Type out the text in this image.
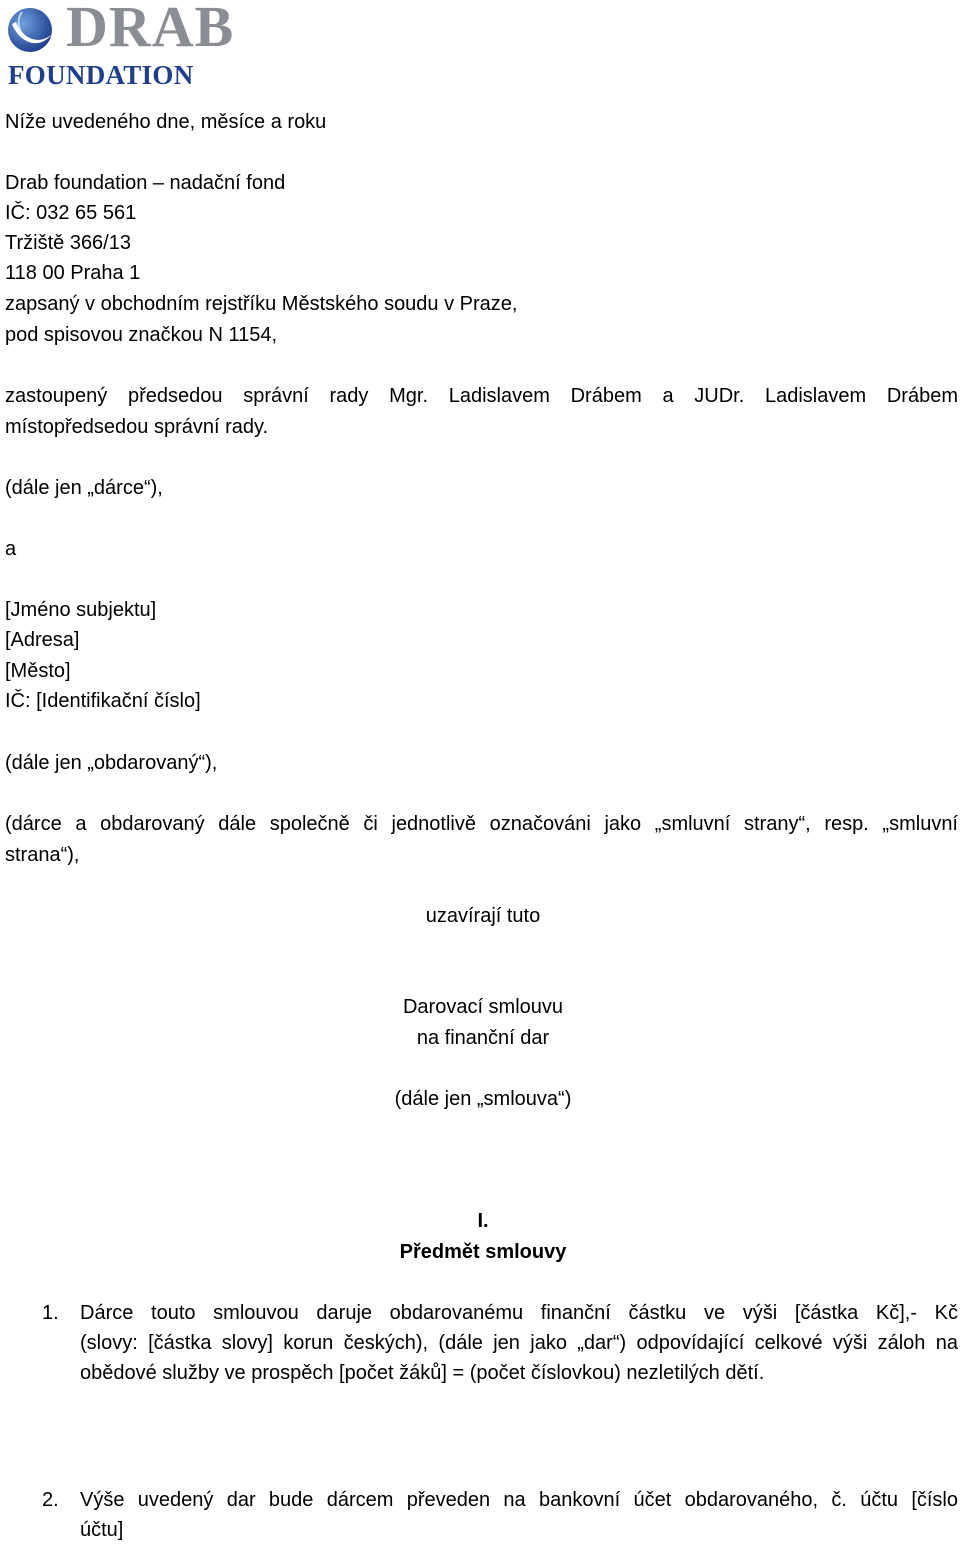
DRAB
FOUNDATION
Níže uvedeného dne, měsíce a roku
Drab foundation – nadační fond
IČ: 032 65 561
Tržiště 366/13
118 00 Praha 1
zapsaný v obchodním rejstříku Městského soudu v Praze,
pod spisovou značkou N 1154,
zastoupený předsedou správní rady Mgr. Ladislavem Drábem a JUDr. Ladislavem Drábem
místopředsedou správní rady.
(dále jen „dárce“),
a
[Jméno subjektu]
[Adresa]
[Město]
IČ: [Identifikační číslo]
(dále jen „obdarovaný“),
(dárce a obdarovaný dále společně či jednotlivě označováni jako „smluvní strany“, resp. „smluvní
strana“),
uzavírají tuto
Darovací smlouvu
na finanční dar
(dále jen „smlouva“)
I.
Předmět smlouvy
1. Dárce touto smlouvou daruje obdarovanému finanční částku ve výši [částka Kč],- Kč
(slovy: [částka slovy] korun českých), (dále jen jako „dar“) odpovídající celkové výši záloh na
obědové služby ve prospěch [počet žáků] = (počet číslovkou) nezletilých dětí.
2. Výše uvedený dar bude dárcem převeden na bankovní účet obdarovaného, č. účtu [číslo
účtu]
